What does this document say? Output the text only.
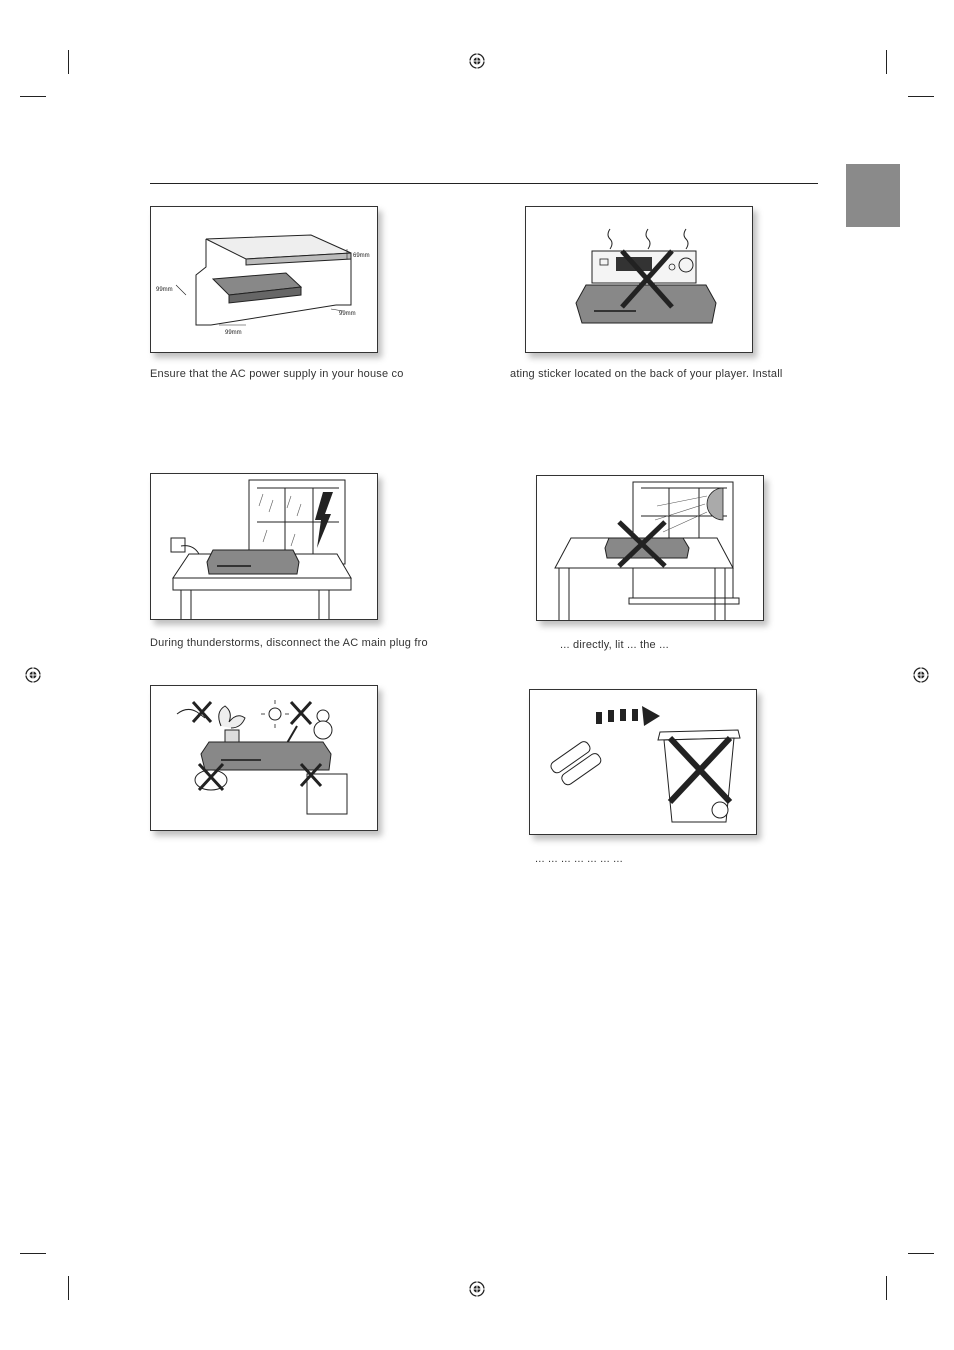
69mm
99mm
99mm
99mm
Ensure that the AC power supply in your house co	ating sticker located on the back of your player. Install
During thunderstorms, disconnect the AC main plug fro	... directly, lit ... the ...
... ... ... ... ... ... ...
